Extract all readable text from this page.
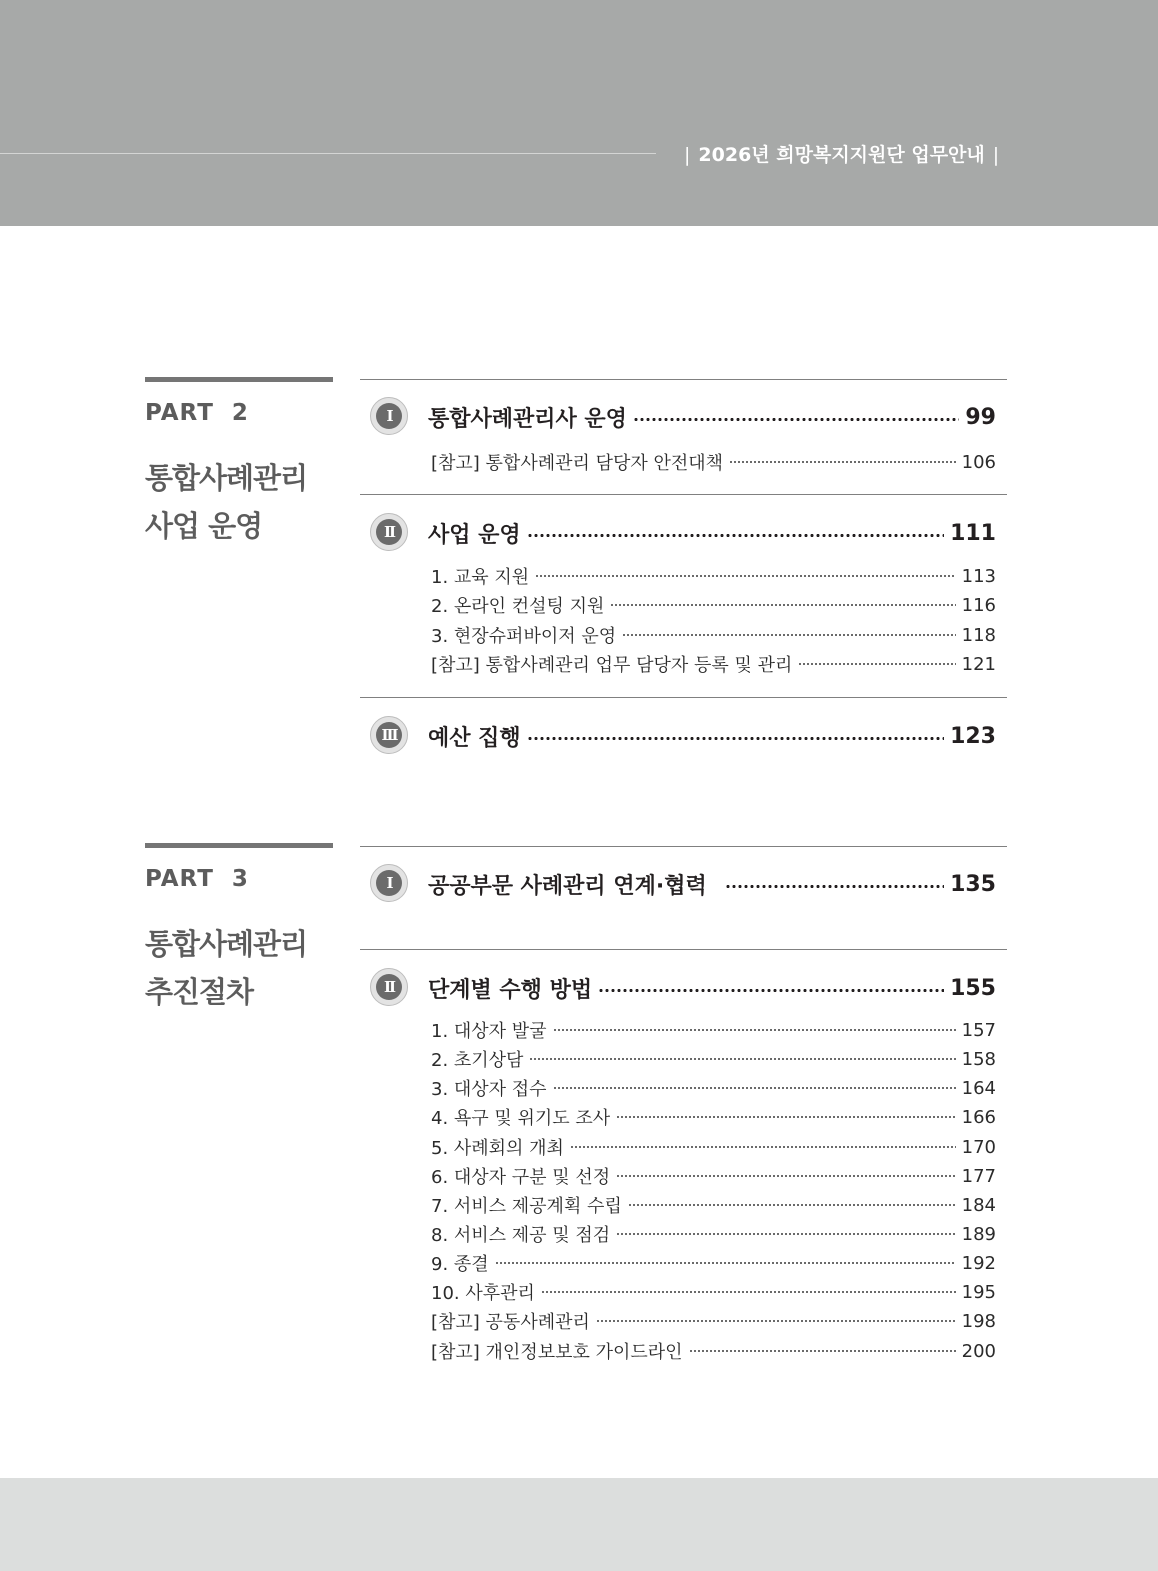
| 2026년 희망복지지원단 업무안내 |
PART  2
통합사례관리
사업 운영
I	통합사례관리사 운영	99
[참고] 통합사례관리 담당자 안전대책	106
II	사업 운영	111
1. 교육 지원	113
2. 온라인 컨설팅 지원	116
3. 현장슈퍼바이저 운영	118
[참고] 통합사례관리 업무 담당자 등록 및 관리	121
III 예산 집행	123
PART  3
통합사례관리
추진절차
I	공공부문 사례관리 연계·협력	135
II	단계별 수행 방법	155
1. 대상자 발굴	157
2. 초기상담	158
3. 대상자 접수	164
4. 욕구 및 위기도 조사	166
5. 사례회의 개최	170
6. 대상자 구분 및 선정	177
7. 서비스 제공계획 수립	184
8. 서비스 제공 및 점검	189
9. 종결	192
10. 사후관리	195
[참고] 공동사례관리	198
[참고] 개인정보보호 가이드라인	200
